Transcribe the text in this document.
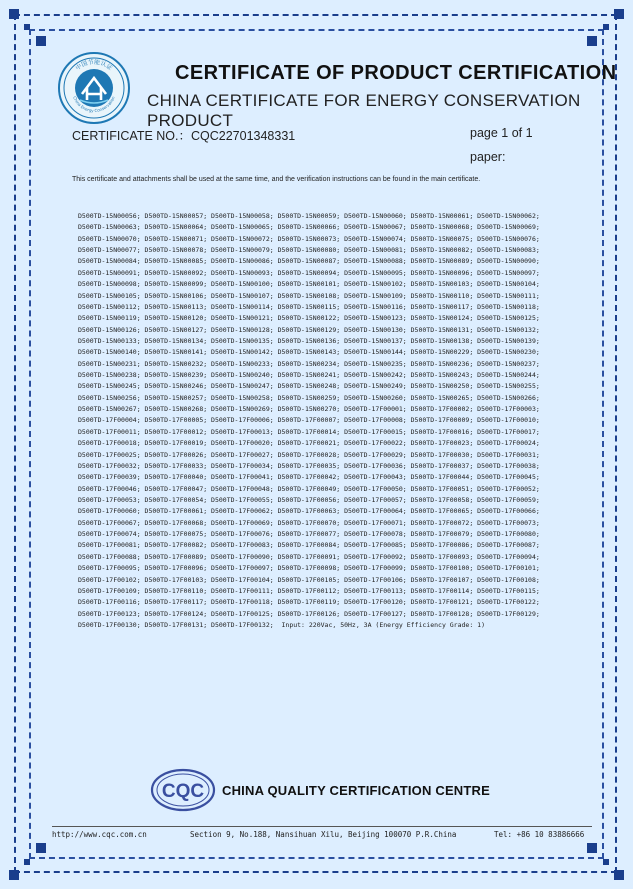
中国节能认证
China Energy Conservation
CERTIFICATE OF PRODUCT CERTIFICATION
CHINA CERTIFICATE FOR ENERGY CONSERVATION PRODUCT
CERTIFICATE NO.：CQC22701348331	page 1 of 1
paper:
This certificate and attachments shall be used at the same time, and the verification instructions can be found in the main certificate.
D500TD-15N00056; D500TD-15N00057; D500TD-15N00058; D500TD-15N00059; D500TD-15N00060; D500TD-15N00061; D500TD-15N00062;
D500TD-15N00063; D500TD-15N00064; D500TD-15N00065; D500TD-15N00066; D500TD-15N00067; D500TD-15N00068; D500TD-15N00069;
D500TD-15N00070; D500TD-15N00071; D500TD-15N00072; D500TD-15N00073; D500TD-15N00074; D500TD-15N00075; D500TD-15N00076;
D500TD-15N00077; D500TD-15N00078; D500TD-15N00079; D500TD-15N00080; D500TD-15N00081; D500TD-15N00082; D500TD-15N00083;
D500TD-15N00084; D500TD-15N00085; D500TD-15N00086; D500TD-15N00087; D500TD-15N00088; D500TD-15N00089; D500TD-15N00090;
D500TD-15N00091; D500TD-15N00092; D500TD-15N00093; D500TD-15N00094; D500TD-15N00095; D500TD-15N00096; D500TD-15N00097;
D500TD-15N00098; D500TD-15N00099; D500TD-15N00100; D500TD-15N00101; D500TD-15N00102; D500TD-15N00103; D500TD-15N00104;
D500TD-15N00105; D500TD-15N00106; D500TD-15N00107; D500TD-15N00108; D500TD-15N00109; D500TD-15N00110; D500TD-15N00111;
D500TD-15N00112; D500TD-15N00113; D500TD-15N00114; D500TD-15N00115; D500TD-15N00116; D500TD-15N00117; D500TD-15N00118;
D500TD-15N00119; D500TD-15N00120; D500TD-15N00121; D500TD-15N00122; D500TD-15N00123; D500TD-15N00124; D500TD-15N00125;
D500TD-15N00126; D500TD-15N00127; D500TD-15N00128; D500TD-15N00129; D500TD-15N00130; D500TD-15N00131; D500TD-15N00132;
D500TD-15N00133; D500TD-15N00134; D500TD-15N00135; D500TD-15N00136; D500TD-15N00137; D500TD-15N00138; D500TD-15N00139;
D500TD-15N00140; D500TD-15N00141; D500TD-15N00142; D500TD-15N00143; D500TD-15N00144; D500TD-15N00229; D500TD-15N00230;
D500TD-15N00231; D500TD-15N00232; D500TD-15N00233; D500TD-15N00234; D500TD-15N00235; D500TD-15N00236; D500TD-15N00237;
D500TD-15N00238; D500TD-15N00239; D500TD-15N00240; D500TD-15N00241; D500TD-15N00242; D500TD-15N00243; D500TD-15N00244;
D500TD-15N00245; D500TD-15N00246; D500TD-15N00247; D500TD-15N00248; D500TD-15N00249; D500TD-15N00250; D500TD-15N00255;
D500TD-15N00256; D500TD-15N00257; D500TD-15N00258; D500TD-15N00259; D500TD-15N00260; D500TD-15N00265; D500TD-15N00266;
D500TD-15N00267; D500TD-15N00268; D500TD-15N00269; D500TD-15N00270; D500TD-17F00001; D500TD-17F00002; D500TD-17F00003;
D500TD-17F00004; D500TD-17F00005; D500TD-17F00006; D500TD-17F00007; D500TD-17F00008; D500TD-17F00009; D500TD-17F00010;
D500TD-17F00011; D500TD-17F00012; D500TD-17F00013; D500TD-17F00014; D500TD-17F00015; D500TD-17F00016; D500TD-17F00017;
D500TD-17F00018; D500TD-17F00019; D500TD-17F00020; D500TD-17F00021; D500TD-17F00022; D500TD-17F00023; D500TD-17F00024;
D500TD-17F00025; D500TD-17F00026; D500TD-17F00027; D500TD-17F00028; D500TD-17F00029; D500TD-17F00030; D500TD-17F00031;
D500TD-17F00032; D500TD-17F00033; D500TD-17F00034; D500TD-17F00035; D500TD-17F00036; D500TD-17F00037; D500TD-17F00038;
D500TD-17F00039; D500TD-17F00040; D500TD-17F00041; D500TD-17F00042; D500TD-17F00043; D500TD-17F00044; D500TD-17F00045;
D500TD-17F00046; D500TD-17F00047; D500TD-17F00048; D500TD-17F00049; D500TD-17F00050; D500TD-17F00051; D500TD-17F00052;
D500TD-17F00053; D500TD-17F00054; D500TD-17F00055; D500TD-17F00056; D500TD-17F00057; D500TD-17F00058; D500TD-17F00059;
D500TD-17F00060; D500TD-17F00061; D500TD-17F00062; D500TD-17F00063; D500TD-17F00064; D500TD-17F00065; D500TD-17F00066;
D500TD-17F00067; D500TD-17F00068; D500TD-17F00069; D500TD-17F00070; D500TD-17F00071; D500TD-17F00072; D500TD-17F00073;
D500TD-17F00074; D500TD-17F00075; D500TD-17F00076; D500TD-17F00077; D500TD-17F00078; D500TD-17F00079; D500TD-17F00080;
D500TD-17F00081; D500TD-17F00082; D500TD-17F00083; D500TD-17F00084; D500TD-17F00085; D500TD-17F00086; D500TD-17F00087;
D500TD-17F00088; D500TD-17F00089; D500TD-17F00090; D500TD-17F00091; D500TD-17F00092; D500TD-17F00093; D500TD-17F00094;
D500TD-17F00095; D500TD-17F00096; D500TD-17F00097; D500TD-17F00098; D500TD-17F00099; D500TD-17F00100; D500TD-17F00101;
D500TD-17F00102; D500TD-17F00103; D500TD-17F00104; D500TD-17F00105; D500TD-17F00106; D500TD-17F00107; D500TD-17F00108;
D500TD-17F00109; D500TD-17F00110; D500TD-17F00111; D500TD-17F00112; D500TD-17F00113; D500TD-17F00114; D500TD-17F00115;
D500TD-17F00116; D500TD-17F00117; D500TD-17F00118; D500TD-17F00119; D500TD-17F00120; D500TD-17F00121; D500TD-17F00122;
D500TD-17F00123; D500TD-17F00124; D500TD-17F00125; D500TD-17F00126; D500TD-17F00127; D500TD-17F00128; D500TD-17F00129;
D500TD-17F00130; D500TD-17F00131; D500TD-17F00132;  Input: 220Vac, 50Hz, 3A (Energy Efficiency Grade: 1)
CQC CHINA QUALITY CERTIFICATION CENTRE
http://www.cqc.com.cn	Section 9, No.188, Nansihuan Xilu, Beijing 100070 P.R.China	Tel: +86 10 83886666
